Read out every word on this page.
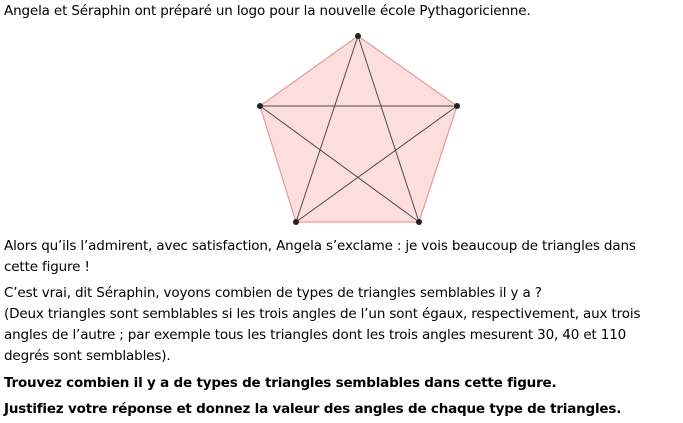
Angela et Séraphin ont préparé un logo pour la nouvelle école Pythagoricienne.
Alors qu’ils l’admirent, avec satisfaction, Angela s’exclame : je vois beaucoup de triangles dans
cette figure !
C’est vrai, dit Séraphin, voyons combien de types de triangles semblables il y a ?
(Deux triangles sont semblables si les trois angles de l’un sont égaux, respectivement, aux trois
angles de l’autre ; par exemple tous les triangles dont les trois angles mesurent 30, 40 et 110
degrés sont semblables).
Trouvez combien il y a de types de triangles semblables dans cette figure.
Justifiez votre réponse et donnez la valeur des angles de chaque type de triangles.
